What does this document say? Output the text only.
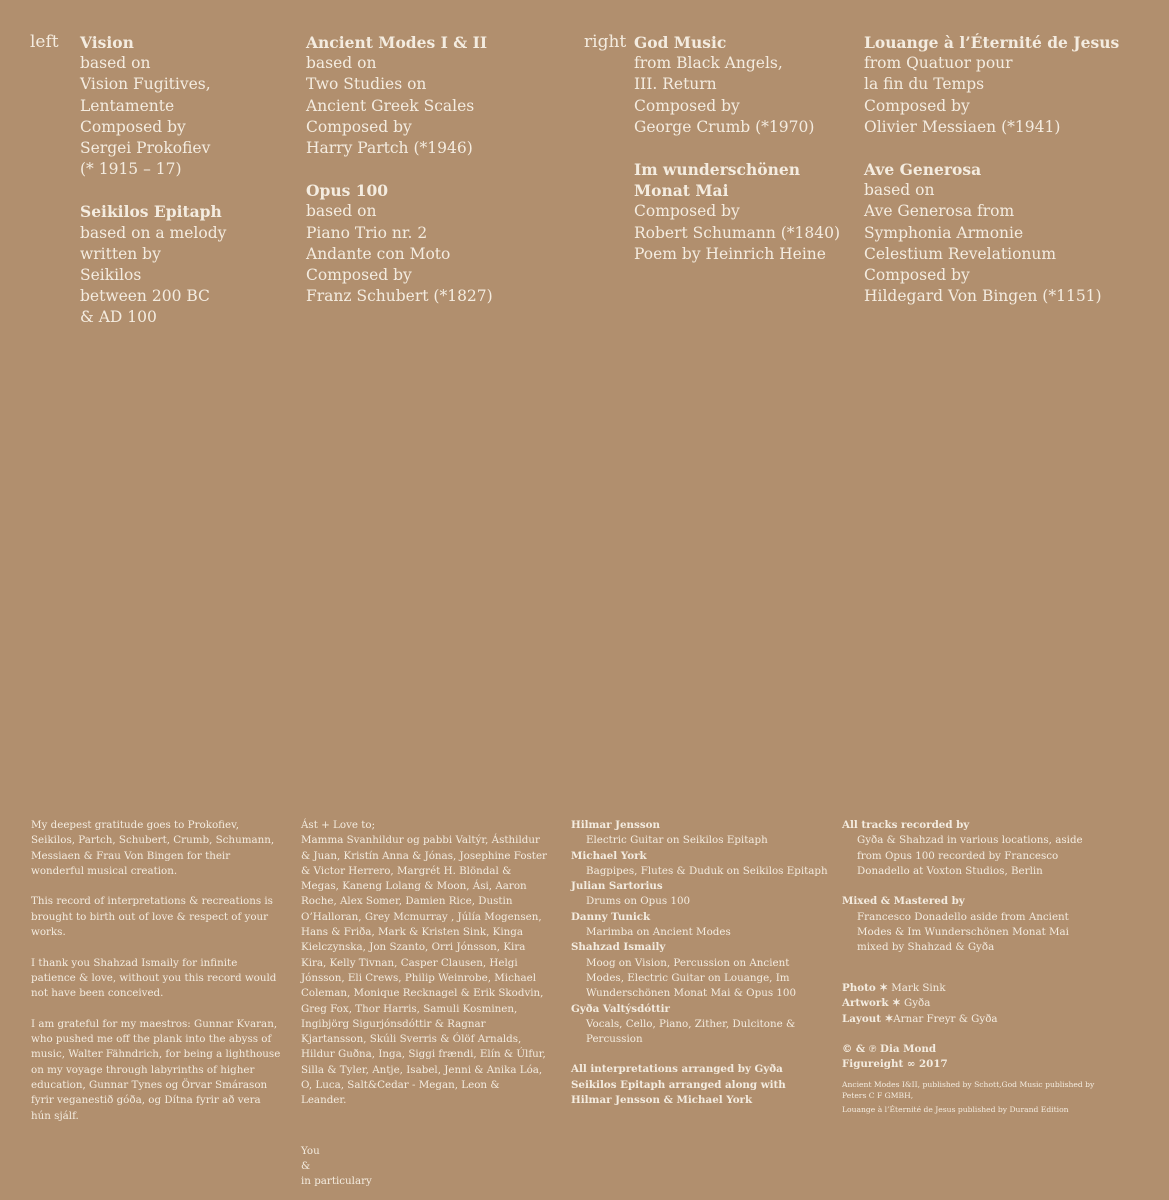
left	right
Vision
based on
Vision Fugitives,
Lentamente
Composed by
Sergei Prokofiev
(* 1915 – 17)
Seikilos Epitaph
based on a melody
written by
Seikilos
between 200 BC
& AD 100
Ancient Modes I & II
based on
Two Studies on
Ancient Greek Scales
Composed by
Harry Partch (*1946)
Opus 100
based on
Piano Trio nr. 2
Andante con Moto
Composed by
Franz Schubert (*1827)
God Music
from Black Angels,
III. Return
Composed by
George Crumb (*1970)
Im wunderschönen Monat Mai
Composed by
Robert Schumann (*1840)
Poem by Heinrich Heine
Louange à l’Éternité de Jesus
from Quatuor pour
la fin du Temps
Composed by
Olivier Messiaen (*1941)
Ave Generosa
based on
Ave Generosa from
Symphonia Armonie
Celestium Revelationum
Composed by
Hildegard Von Bingen (*1151)

My deepest gratitude goes to Prokofiev, Seikilos, Partch, Schubert, Crumb, Schumann, Messiaen & Frau Von Bingen for their wonderful musical creation.

This record of interpretations & recreations is brought to birth out of love & respect of your works.

I thank you Shahzad Ismaily for infinite patience & love, without you this record would not have been conceived.

I am grateful for my maestros: Gunnar Kvaran, who pushed me off the plank into the abyss of music, Walter Fähndrich, for being a lighthouse on my voyage through labyrinths of higher education, Gunnar Tynes og Örvar Smárason fyrir veganestið góða, og Dítna fyrir að vera hún sjálf.

Ást + Love to;
Mamma Svanhildur og pabbi Valtýr, Ásthildur & Juan, Kristín Anna & Jónas, Josephine Foster & Victor Herrero, Margrét H. Blöndal & Megas, Kaneng Lolang & Moon, Ási, Aaron Roche, Alex Somer, Damien Rice, Dustin O’Halloran, Grey Mcmurray , Júlía Mogensen, Hans & Friða, Mark & Kristen Sink, Kinga Kielczynska, Jon Szanto, Orri Jónsson, Kira Kira, Kelly Tivnan, Casper Clausen, Helgi Jónsson, Eli Crews, Philip Weinrobe, Michael Coleman, Monique Recknagel & Erik Skodvin, Greg Fox, Thor Harris, Samuli Kosminen, Ingibjörg Sigurjónsdóttir & Ragnar Kjartansson, Skúli Sverris & Ólöf Arnalds, Hildur Guðna, Inga, Siggi frændi, Elín & Úlfur, Silla & Tyler, Antje, Isabel, Jenni & Anika Lóa, O, Luca, Salt&Cedar - Megan, Leon & Leander.
You
&
in particulary
Hilmar Jensson
Electric Guitar on Seikilos Epitaph
Michael York
Bagpipes, Flutes & Duduk on Seikilos Epitaph
Julian Sartorius
Drums on Opus 100
Danny Tunick
Marimba on Ancient Modes
Shahzad Ismaily
Moog on Vision, Percussion on Ancient Modes, Electric Guitar on Louange, Im Wunderschönen Monat Mai & Opus 100
Gyða Valtýsdóttir
Vocals, Cello, Piano, Zither, Dulcitone & Percussion
All interpretations arranged by Gyða Seikilos Epitaph arranged along with Hilmar Jensson & Michael York
All tracks recorded by
Gyða & Shahzad in various locations, aside from Opus 100 recorded by Francesco Donadello at Voxton Studios, Berlin
Mixed & Mastered by
Francesco Donadello aside from Ancient Modes & Im Wunderschönen Monat Mai mixed by Shahzad & Gyða
Photo ✶ Mark Sink
Artwork ✶ Gyða
Layout ✶Arnar Freyr & Gyða
© & ℗ Dia Mond
Figureight ∞ 2017
Ancient Modes I&II, published by Schott,God Music published by Peters C F GMBH,
Louange à l’Éternité de Jesus published by Durand Edition
